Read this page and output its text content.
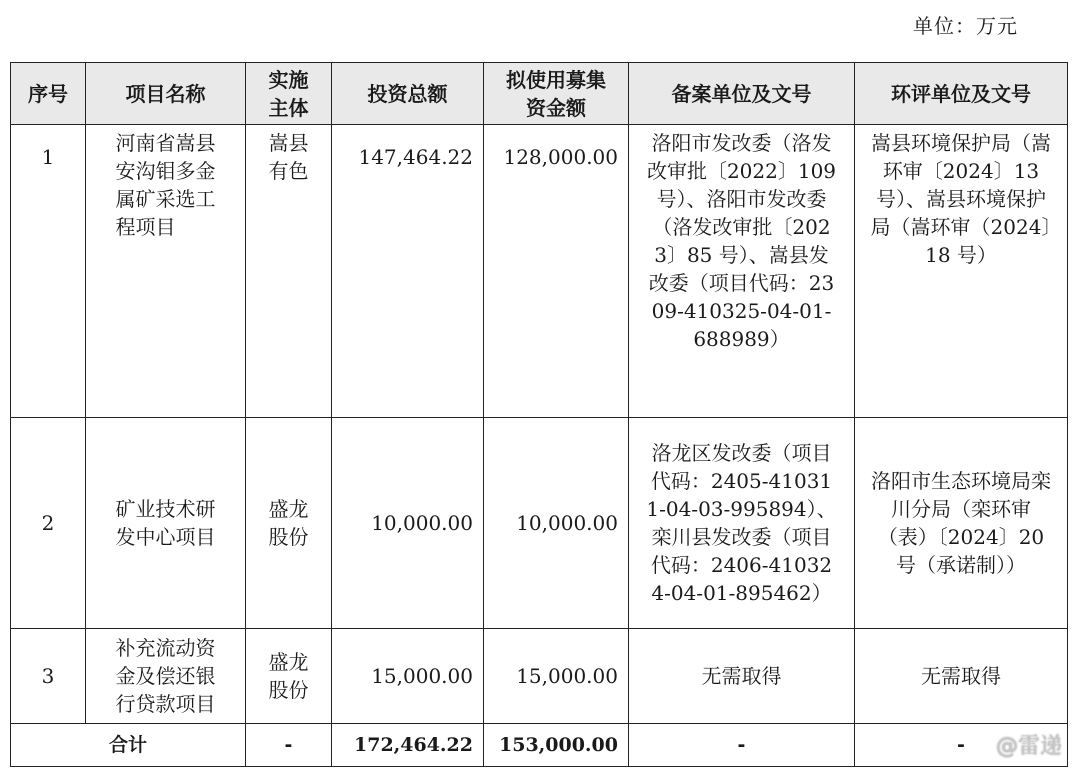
单位：万元
序号	项目名称	实施主体	投资总额	拟使用募集资金额	备案单位及文号	环评单位及文号
1	河南省嵩县安沟钼多金属矿采选工程项目	嵩县有色	147,464.22	128,000.00	洛阳市发改委（洛发改审批〔2022〕109 号）、洛阳市发改委（洛发改审批〔2023〕85 号）、嵩县发改委（项目代码：2309-410325-04-01-688989）	嵩县环境保护局（嵩环审〔2024〕13 号）、嵩县环境保护局（嵩环审（2024〕18 号）

2	矿业技术研发中心项目	盛龙股份	10,000.00	10,000.00	洛龙区发改委（项目代码：2405-410311-04-03-995894）、栾川县发改委（项目代码：2406-410324-04-01-895462）	洛阳市生态环境局栾川分局（栾环审（表）〔2024〕20 号（承诺制））

3	补充流动资金及偿还银行贷款项目	盛龙股份	15,000.00	15,000.00	无需取得	无需取得
合计		-	172,464.22	153,000.00	-	- @雷递
